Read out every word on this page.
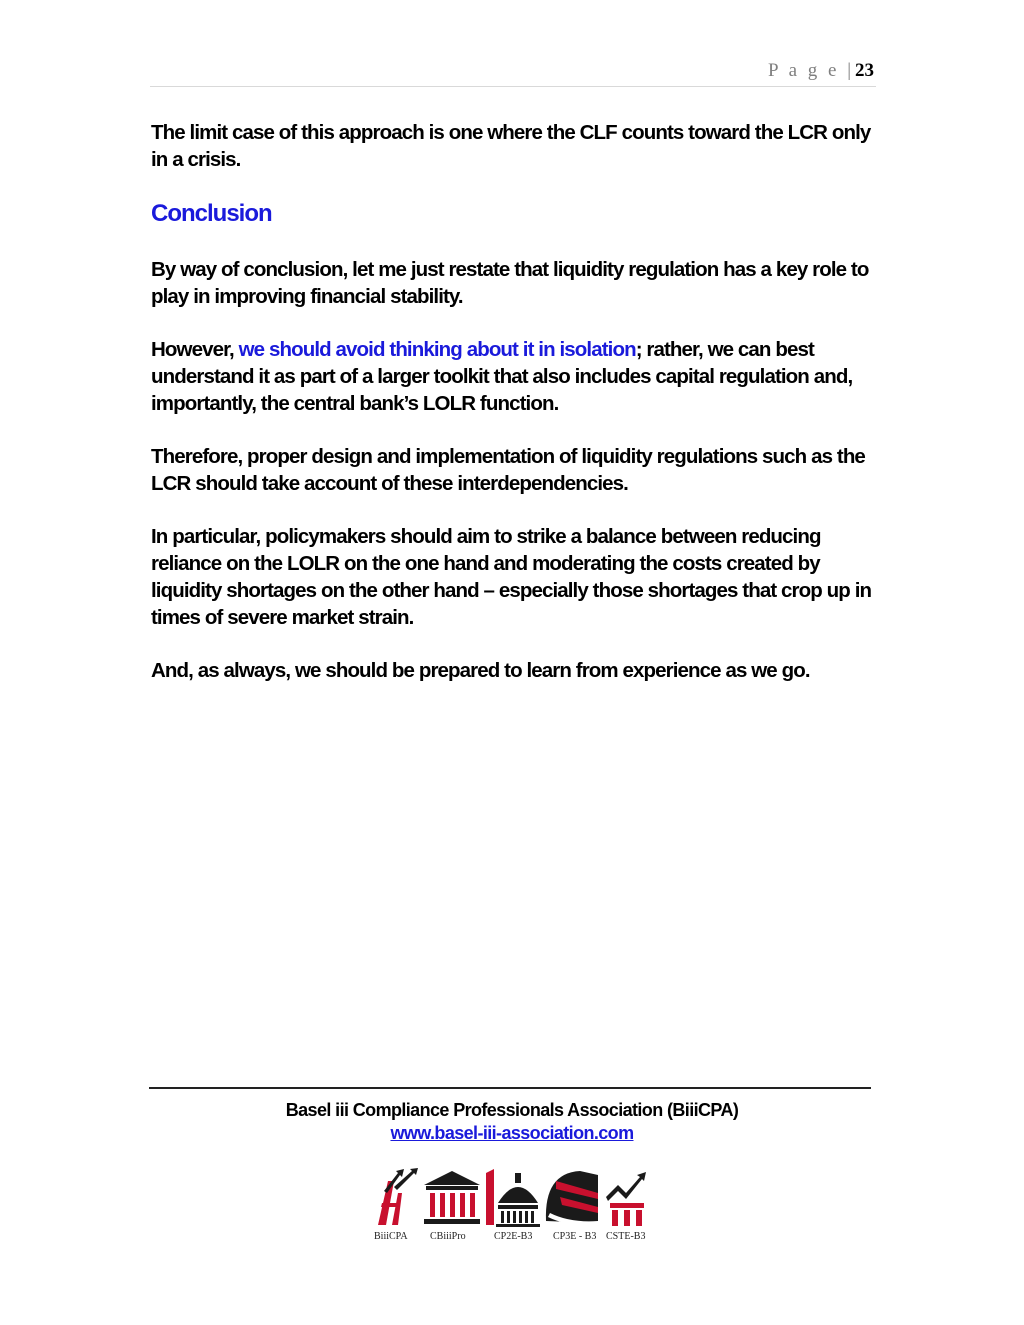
P a g e | 23

The limit case of this approach is one where the CLF counts toward the LCR only in a crisis.

Conclusion

By way of conclusion, let me just restate that liquidity regulation has a key role to play in improving financial stability.

However, we should avoid thinking about it in isolation; rather, we can best understand it as part of a larger toolkit that also includes capital regulation and, importantly, the central bank’s LOLR function.

Therefore, proper design and implementation of liquidity regulations such as the LCR should take account of these interdependencies.

In particular, policymakers should aim to strike a balance between reducing reliance on the LOLR on the one hand and moderating the costs created by liquidity shortages on the other hand – especially those shortages that crop up in times of severe market strain.

And, as always, we should be prepared to learn from experience as we go.

Basel iii Compliance Professionals Association (BiiiCPA)
www.basel-iii-association.com
BiiiCPA CBiiiPro	CP2E-B3 CP3E - B3 CSTE-B3
